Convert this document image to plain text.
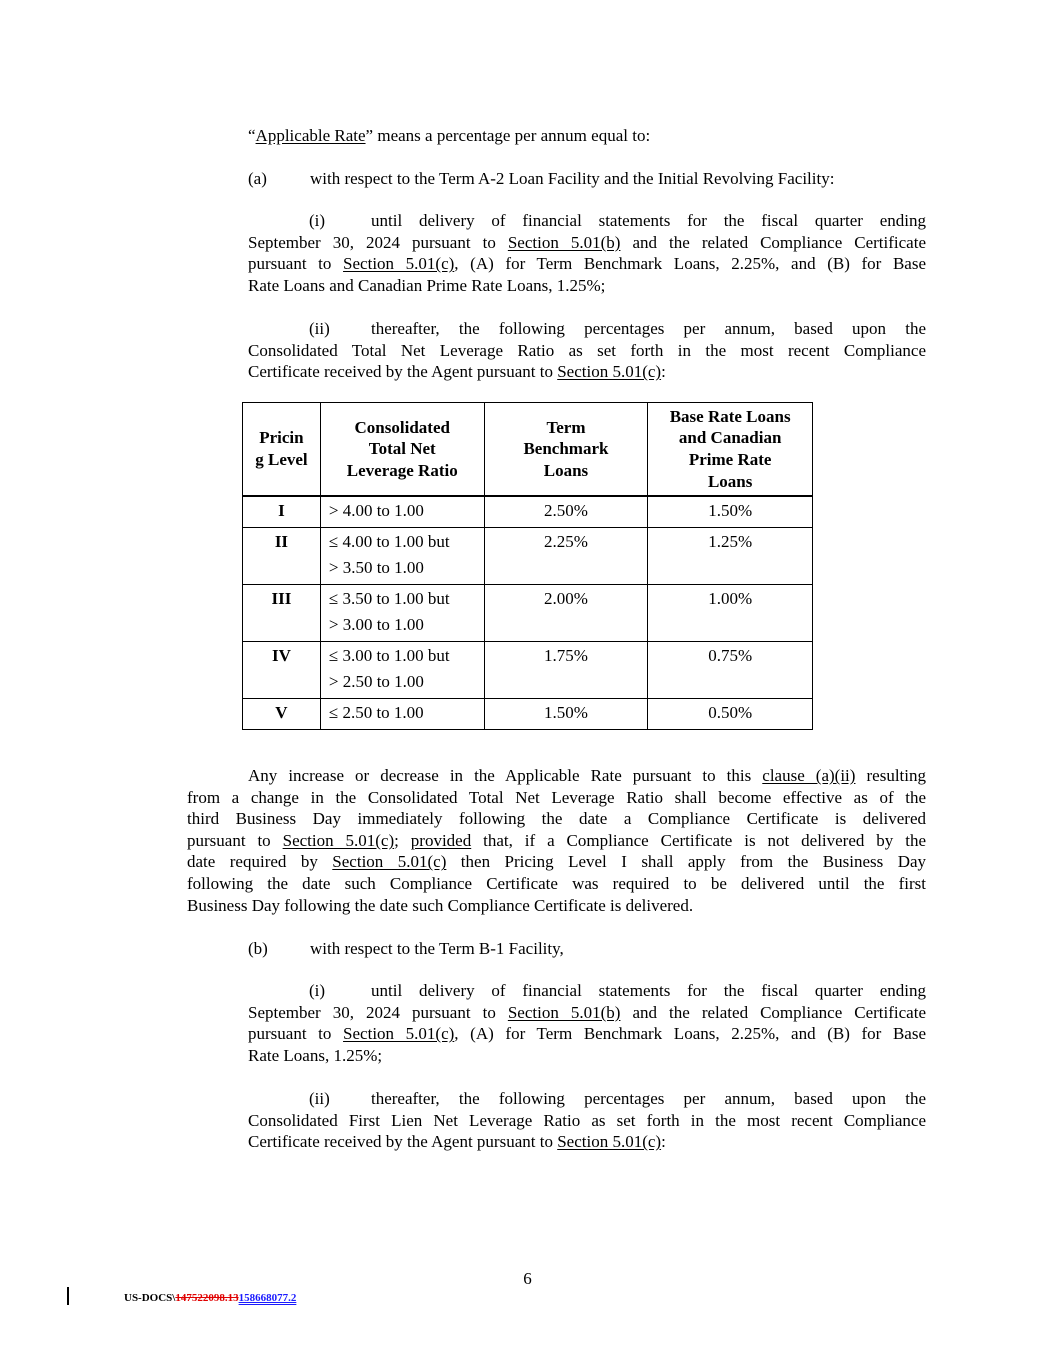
“Applicable Rate” means a percentage per annum equal to:
(a)	with respect to the Term A-2 Loan Facility and the Initial Revolving Facility:
(i)	until delivery of financial statements for the fiscal quarter ending
September 30, 2024 pursuant to Section 5.01(b) and the related Compliance Certificate
pursuant to Section 5.01(c), (A) for Term Benchmark Loans, 2.25%, and (B) for Base
Rate Loans and Canadian Prime Rate Loans, 1.25%;
(ii) thereafter, the following percentages per annum, based upon the
Consolidated Total Net Leverage Ratio as set forth in the most recent Compliance
Certificate received by the Agent pursuant to Section 5.01(c):
Pricin
g Level	Consolidated
Total Net
Leverage Ratio	Term
Benchmark
Loans	Base Rate Loans
and Canadian
Prime Rate
Loans
I	> 4.00 to 1.00	2.50%	1.50%
II	≤ 4.00 to 1.00 but
> 3.50 to 1.00	2.25%	1.25%
III	≤ 3.50 to 1.00 but
> 3.00 to 1.00	2.00%	1.00%
IV	≤ 3.00 to 1.00 but
> 2.50 to 1.00	1.75%	0.75%
V	≤ 2.50 to 1.00	1.50%	0.50%
Any increase or decrease in the Applicable Rate pursuant to this clause (a)(ii) resulting
from a change in the Consolidated Total Net Leverage Ratio shall become effective as of the
third Business Day immediately following the date a Compliance Certificate is delivered
pursuant to Section 5.01(c); provided that, if a Compliance Certificate is not delivered by the
date required by Section 5.01(c) then Pricing Level I shall apply from the Business Day
following the date such Compliance Certificate was required to be delivered until the first
Business Day following the date such Compliance Certificate is delivered.
(b) with respect to the Term B-1 Facility,
(i)	until delivery of financial statements for the fiscal quarter ending
September 30, 2024 pursuant to Section 5.01(b) and the related Compliance Certificate
pursuant to Section 5.01(c), (A) for Term Benchmark Loans, 2.25%, and (B) for Base
Rate Loans, 1.25%;
(ii) thereafter, the following percentages per annum, based upon the
Consolidated First Lien Net Leverage Ratio as set forth in the most recent Compliance
Certificate received by the Agent pursuant to Section 5.01(c):
6
US-DOCS\147522098.13158668077.2
